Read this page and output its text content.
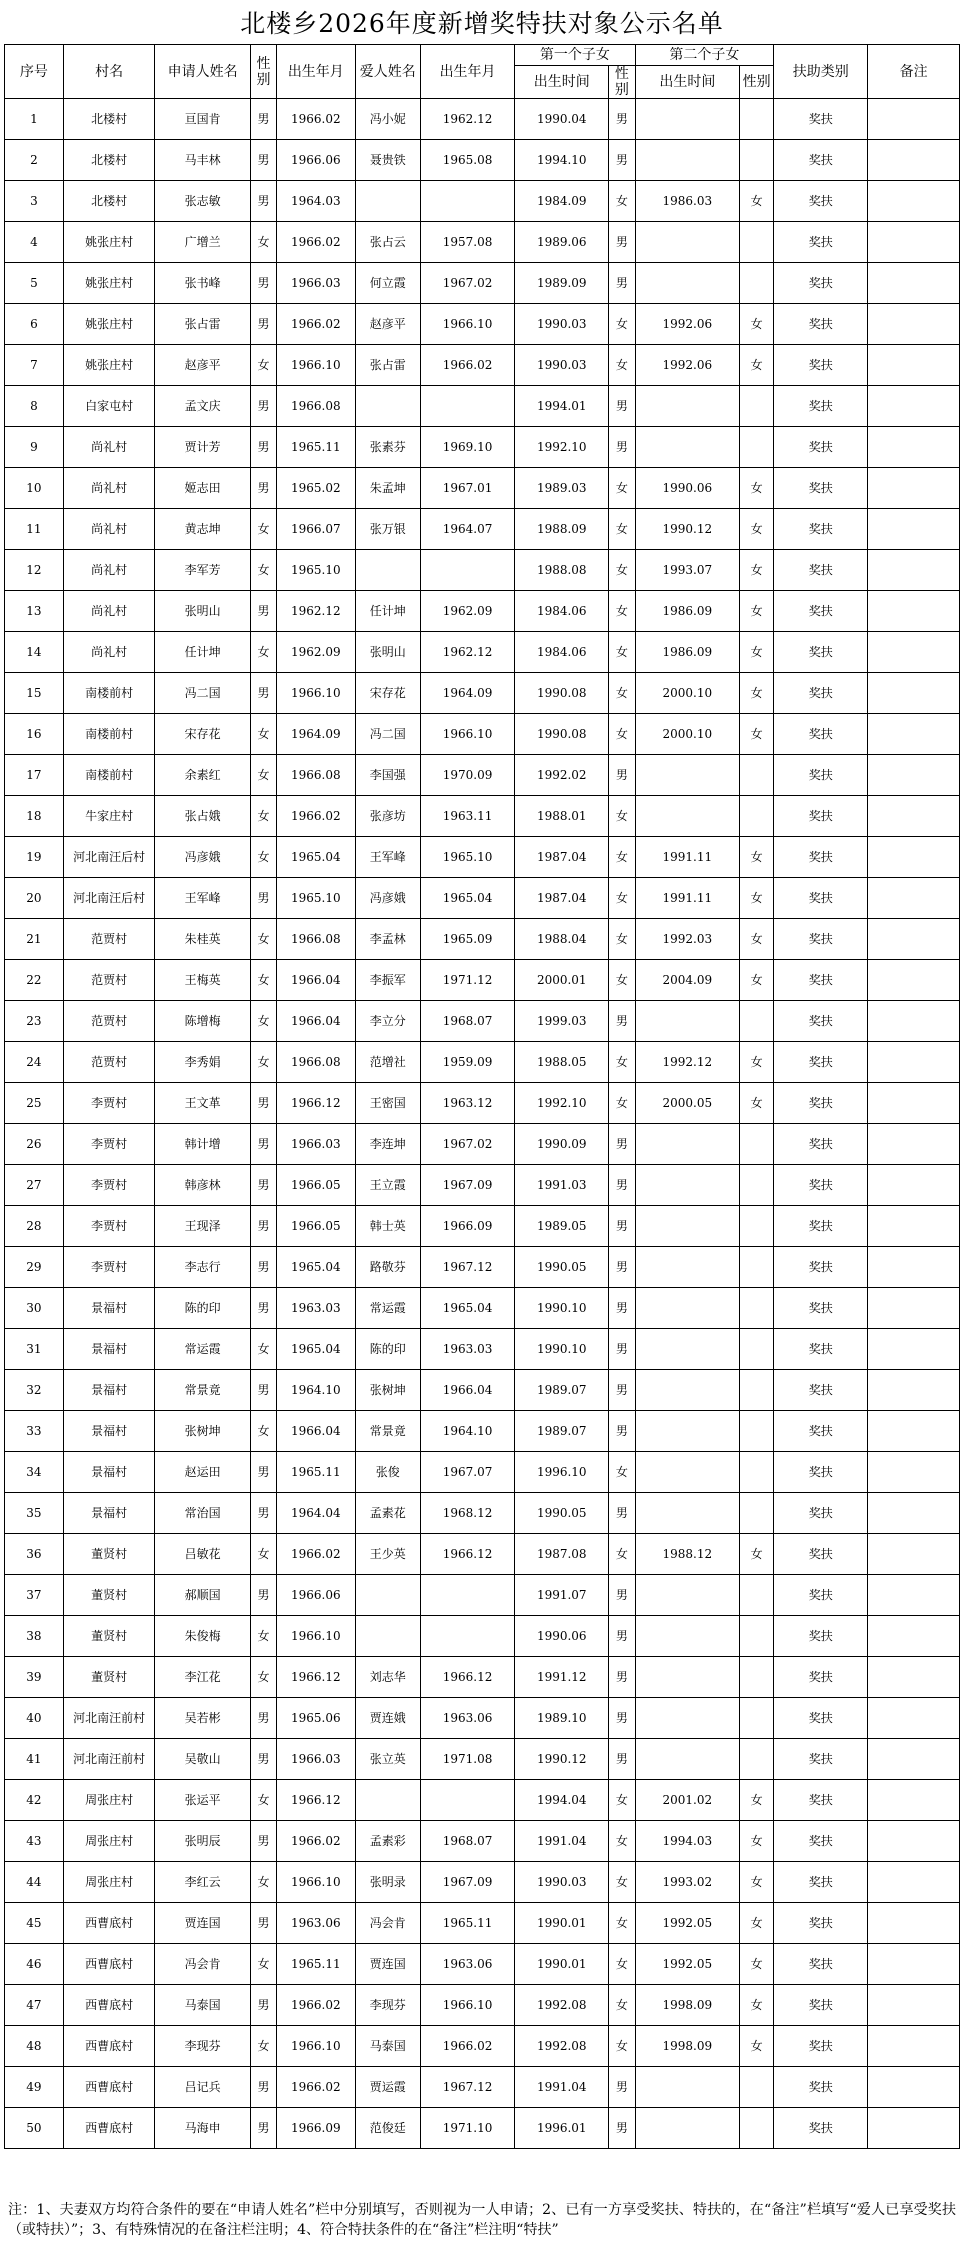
北楼乡2026年度新增奖特扶对象公示名单
序号	村名	申请人姓名	性别	出生年月	爱人姓名	出生年月	第一个子女		第二个子女		扶助类别	备注
							出生时间	性别	出生时间	性别		
1	北楼村	亘国肯	男	1966.02	冯小妮	1962.12	1990.04	男			奖扶	
2	北楼村	马丰林	男	1966.06	聂贵铁	1965.08	1994.10	男			奖扶	
3	北楼村	张志敏	男	1964.03			1984.09	女	1986.03	女	奖扶	
4	姚张庄村	广增兰	女	1966.02	张占云	1957.08	1989.06	男			奖扶	
5	姚张庄村	张书峰	男	1966.03	何立霞	1967.02	1989.09	男			奖扶	
6	姚张庄村	张占雷	男	1966.02	赵彦平	1966.10	1990.03	女	1992.06	女	奖扶	
7	姚张庄村	赵彦平	女	1966.10	张占雷	1966.02	1990.03	女	1992.06	女	奖扶	
8	白家屯村	孟文庆	男	1966.08			1994.01	男			奖扶	
9	尚礼村	贾计芳	男	1965.11	张素芬	1969.10	1992.10	男			奖扶	
10	尚礼村	姬志田	男	1965.02	朱孟坤	1967.01	1989.03	女	1990.06	女	奖扶	
11	尚礼村	黄志坤	女	1966.07	张万银	1964.07	1988.09	女	1990.12	女	奖扶	
12	尚礼村	李军芳	女	1965.10			1988.08	女	1993.07	女	奖扶	
13	尚礼村	张明山	男	1962.12	任计坤	1962.09	1984.06	女	1986.09	女	奖扶	
14	尚礼村	任计坤	女	1962.09	张明山	1962.12	1984.06	女	1986.09	女	奖扶	
15	南楼前村	冯二国	男	1966.10	宋存花	1964.09	1990.08	女	2000.10	女	奖扶	
16	南楼前村	宋存花	女	1964.09	冯二国	1966.10	1990.08	女	2000.10	女	奖扶	
17	南楼前村	余素红	女	1966.08	李国强	1970.09	1992.02	男			奖扶	
18	牛家庄村	张占娥	女	1966.02	张彦坊	1963.11	1988.01	女			奖扶	
19	河北南汪后村	冯彦娥	女	1965.04	王军峰	1965.10	1987.04	女	1991.11	女	奖扶	
20	河北南汪后村	王军峰	男	1965.10	冯彦娥	1965.04	1987.04	女	1991.11	女	奖扶	
21	范贾村	朱桂英	女	1966.08	李孟林	1965.09	1988.04	女	1992.03	女	奖扶	
22	范贾村	王梅英	女	1966.04	李振军	1971.12	2000.01	女	2004.09	女	奖扶	
23	范贾村	陈增梅	女	1966.04	李立分	1968.07	1999.03	男			奖扶	
24	范贾村	李秀娟	女	1966.08	范增社	1959.09	1988.05	女	1992.12	女	奖扶	
25	李贾村	王文革	男	1966.12	王密国	1963.12	1992.10	女	2000.05	女	奖扶	
26	李贾村	韩计增	男	1966.03	李连坤	1967.02	1990.09	男			奖扶	
27	李贾村	韩彦林	男	1966.05	王立霞	1967.09	1991.03	男			奖扶	
28	李贾村	王现泽	男	1966.05	韩士英	1966.09	1989.05	男			奖扶	
29	李贾村	李志行	男	1965.04	路敬芬	1967.12	1990.05	男			奖扶	
30	景福村	陈的印	男	1963.03	常运霞	1965.04	1990.10	男			奖扶	
31	景福村	常运霞	女	1965.04	陈的印	1963.03	1990.10	男			奖扶	
32	景福村	常景竟	男	1964.10	张树坤	1966.04	1989.07	男			奖扶	
33	景福村	张树坤	女	1966.04	常景竟	1964.10	1989.07	男			奖扶	
34	景福村	赵运田	男	1965.11	张俊	1967.07	1996.10	女			奖扶	
35	景福村	常治国	男	1964.04	孟素花	1968.12	1990.05	男			奖扶	
36	董贤村	吕敏花	女	1966.02	王少英	1966.12	1987.08	女	1988.12	女	奖扶	
37	董贤村	郝顺国	男	1966.06			1991.07	男			奖扶	
38	董贤村	朱俊梅	女	1966.10			1990.06	男			奖扶	
39	董贤村	李江花	女	1966.12	刘志华	1966.12	1991.12	男			奖扶	
40	河北南汪前村	吴若彬	男	1965.06	贾连娥	1963.06	1989.10	男			奖扶	
41	河北南汪前村	吴敬山	男	1966.03	张立英	1971.08	1990.12	男			奖扶	
42	周张庄村	张运平	女	1966.12			1994.04	女	2001.02	女	奖扶	
43	周张庄村	张明辰	男	1966.02	孟素彩	1968.07	1991.04	女	1994.03	女	奖扶	
44	周张庄村	李红云	女	1966.10	张明录	1967.09	1990.03	女	1993.02	女	奖扶	
45	西曹底村	贾连国	男	1963.06	冯会肯	1965.11	1990.01	女	1992.05	女	奖扶	
46	西曹底村	冯会肯	女	1965.11	贾连国	1963.06	1990.01	女	1992.05	女	奖扶	
47	西曹底村	马泰国	男	1966.02	李现芬	1966.10	1992.08	女	1998.09	女	奖扶	
48	西曹底村	李现芬	女	1966.10	马泰国	1966.02	1992.08	女	1998.09	女	奖扶	
49	西曹底村	吕记兵	男	1966.02	贾运霞	1967.12	1991.04	男			奖扶	
50	西曹底村	马海申	男	1966.09	范俊廷	1971.10	1996.01	男			奖扶	
注：1、夫妻双方均符合条件的要在“申请人姓名”栏中分别填写，否则视为一人申请；2、已有一方享受奖扶、特扶的，在“备注”栏填写“爱人已享受奖扶（或特扶）”；3、有特殊情况的在备注栏注明；4、符合特扶条件的在“备注”栏注明“特扶”
